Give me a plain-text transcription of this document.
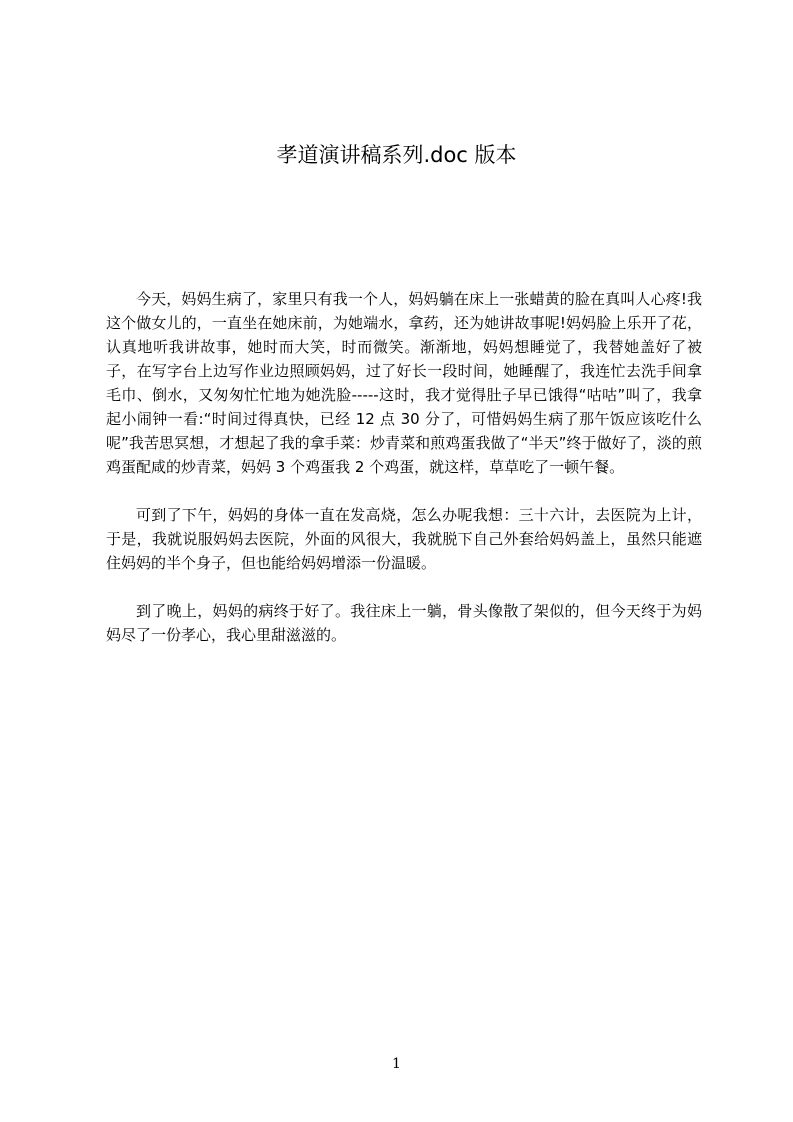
孝道演讲稿系列.doc 版本

今天，妈妈生病了，家里只有我一个人，妈妈躺在床上一张蜡黄的脸在真叫人心疼!我这个做女儿的，一直坐在她床前，为她端水，拿药，还为她讲故事呢!妈妈脸上乐开了花，认真地听我讲故事，她时而大笑，时而微笑。渐渐地，妈妈想睡觉了，我替她盖好了被子，在写字台上边写作业边照顾妈妈，过了好长一段时间，她睡醒了，我连忙去洗手间拿毛巾、倒水，又匆匆忙忙地为她洗脸-----这时，我才觉得肚子早已饿得“咕咕”叫了，我拿起小闹钟一看:“时间过得真快，已经 12 点 30 分了，可惜妈妈生病了那午饭应该吃什么呢”我苦思冥想，才想起了我的拿手菜：炒青菜和煎鸡蛋我做了“半天”终于做好了，淡的煎鸡蛋配咸的炒青菜，妈妈 3 个鸡蛋我 2 个鸡蛋，就这样，草草吃了一顿午餐。

可到了下午，妈妈的身体一直在发高烧，怎么办呢我想：三十六计，去医院为上计，于是，我就说服妈妈去医院，外面的风很大，我就脱下自己外套给妈妈盖上，虽然只能遮住妈妈的半个身子，但也能给妈妈增添一份温暖。

到了晚上，妈妈的病终于好了。我往床上一躺，骨头像散了架似的，但今天终于为妈妈尽了一份孝心，我心里甜滋滋的。

1
